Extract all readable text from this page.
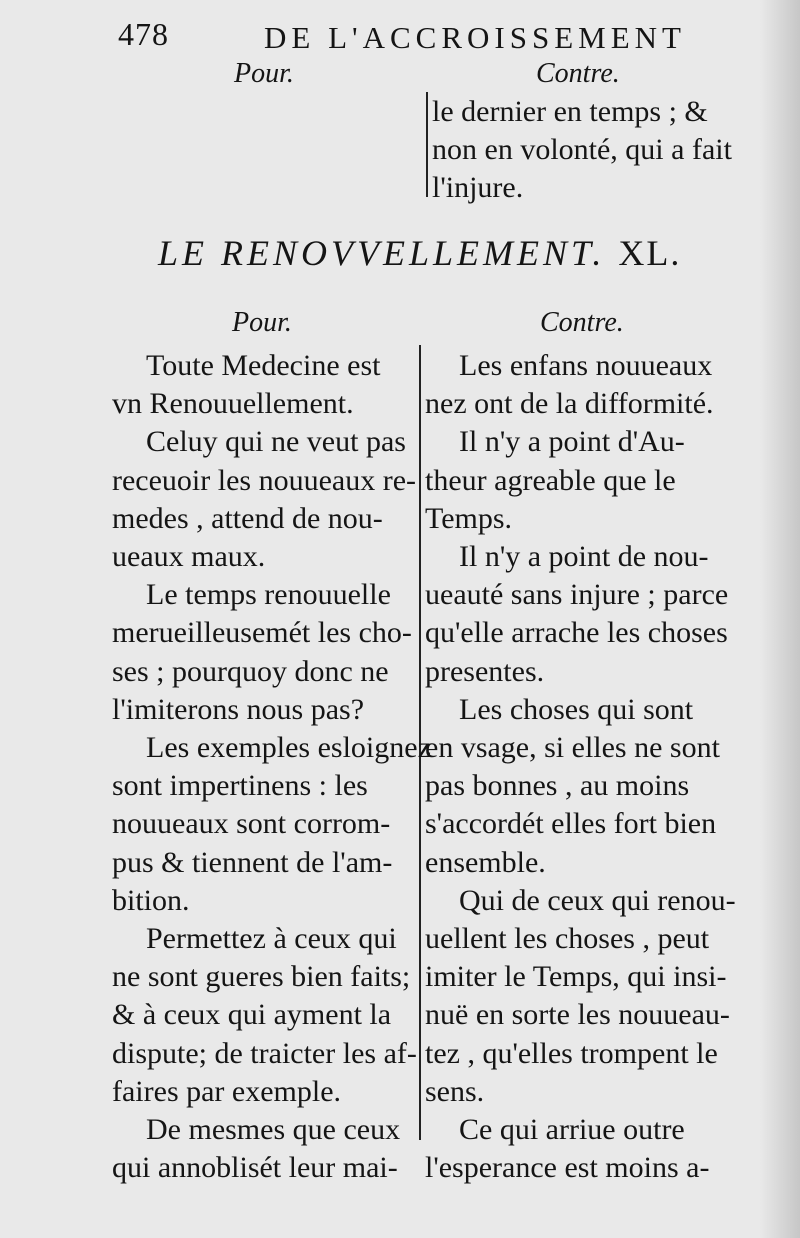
478	DE L'ACCROISSEMENT
Pour.	Contre.
le dernier en temps ; &
non en volonté, qui a fait
l'injure.
LE RENOVVELLEMENT. XL.
Pour.	Contre.
Toute Medecine est
vn Renouuellement.
Celuy qui ne veut pas
receuoir les nouueaux re-
medes , attend de nou-
ueaux maux.
Le temps renouuelle
merueilleusemét les cho-
ses ; pourquoy donc ne
l'imiterons nous pas?
Les exemples esloignez
sont impertinens : les
nouueaux sont corrom-
pus & tiennent de l'am-
bition.
Permettez à ceux qui
ne sont gueres bien faits;
& à ceux qui ayment la
dispute; de traicter les af-
faires par exemple.
De mesmes que ceux
qui annoblisét leur mai-
Les enfans nouueaux
nez ont de la difformité.
Il n'y a point d'Au-
theur agreable que le
Temps.
Il n'y a point de nou-
ueauté sans injure ; parce
qu'elle arrache les choses
presentes.
Les choses qui sont
en vsage, si elles ne sont
pas bonnes , au moins
s'accordét elles fort bien
ensemble.
Qui de ceux qui renou-
uellent les choses , peut
imiter le Temps, qui insi-
nuë en sorte les nouueau-
tez , qu'elles trompent le
sens.
Ce qui arriue outre
l'esperance est moins a-
